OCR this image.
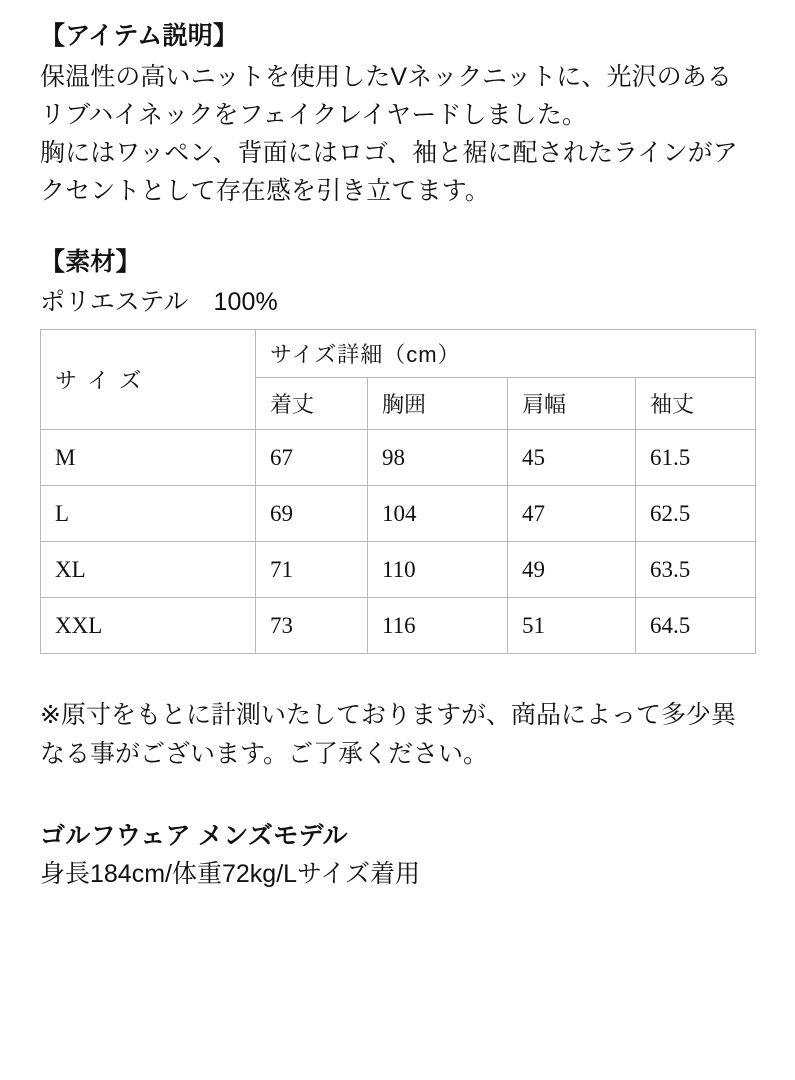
【アイテム説明】

保温性の高いニットを使用したVネックニットに、光沢のあるリブハイネックをフェイクレイヤードしました。

胸にはワッペン、背面にはロゴ、袖と裾に配されたラインがアクセントとして存在感を引き立てます。

【素材】

ポリエステル　100%

サ イ ズ	サイズ詳細（cm）			
	着丈	胸囲	肩幅	袖丈
M	67	98	45	61.5
L	69	104	47	62.5
XL	71	110	49	63.5
XXL	73	116	51	64.5

※原寸をもとに計測いたしておりますが、商品によって多少異なる事がございます。ご了承ください。

ゴルフウェア メンズモデル

身長184cm/体重72kg/Lサイズ着用
